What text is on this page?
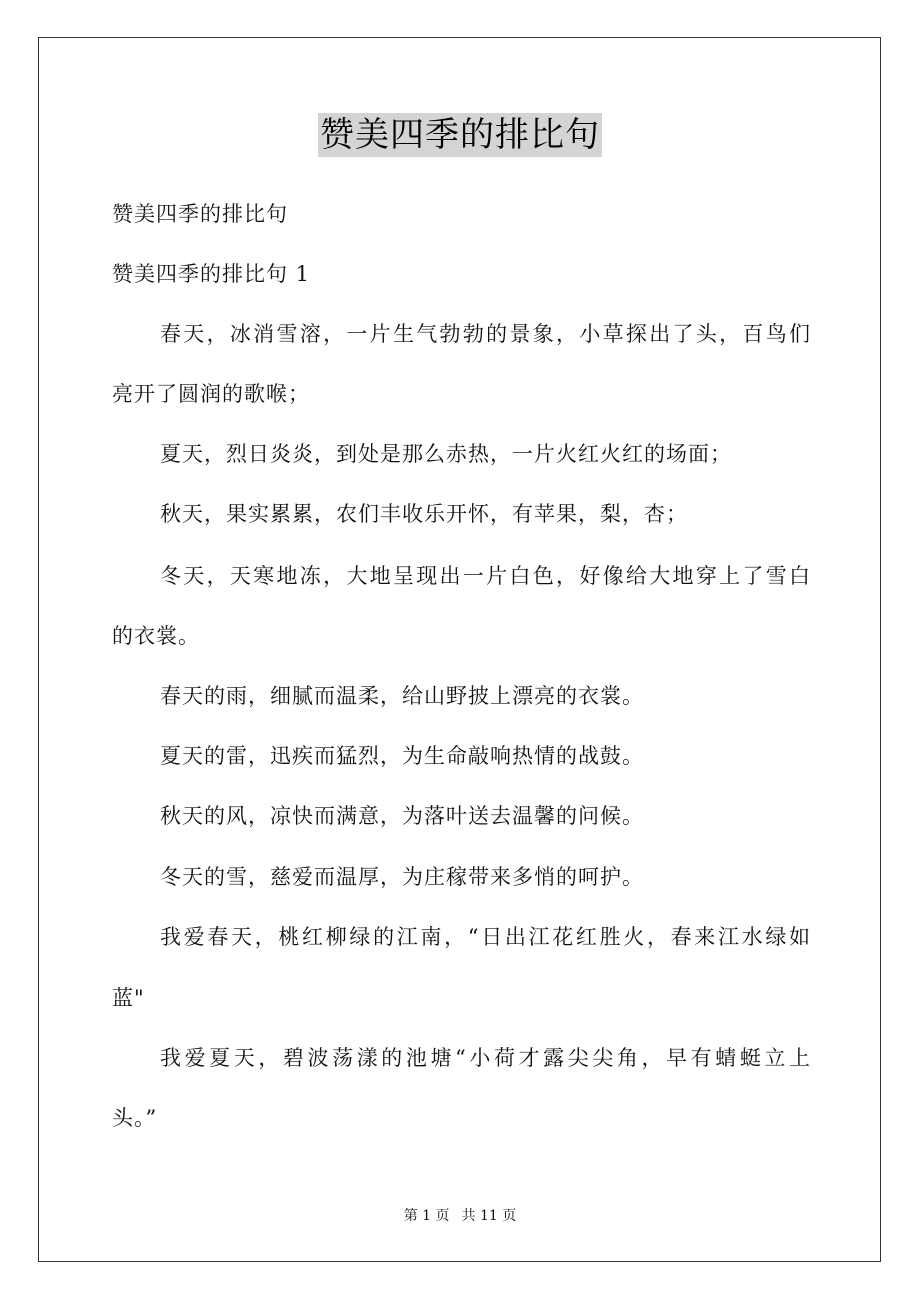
赞美四季的排比句
赞美四季的排比句
赞美四季的排比句 1
春天，冰消雪溶，一片生气勃勃的景象，小草探出了头，百鸟们
亮开了圆润的歌喉；
夏天，烈日炎炎，到处是那么赤热，一片火红火红的场面；
秋天，果实累累，农们丰收乐开怀，有苹果，梨，杏；
冬天，天寒地冻，大地呈现出一片白色，好像给大地穿上了雪白
的衣裳。
春天的雨，细腻而温柔，给山野披上漂亮的衣裳。
夏天的雷，迅疾而猛烈，为生命敲响热情的战鼓。
秋天的风，凉快而满意，为落叶送去温馨的问候。
冬天的雪，慈爱而温厚，为庄稼带来多悄的呵护。
我爱春天，桃红柳绿的江南，“日出江花红胜火，春来江水绿如
蓝"
我爱夏天，碧波荡漾的池塘“小荷才露尖尖角，早有蜻蜓立上
头。”
第 1 页 共 11 页
